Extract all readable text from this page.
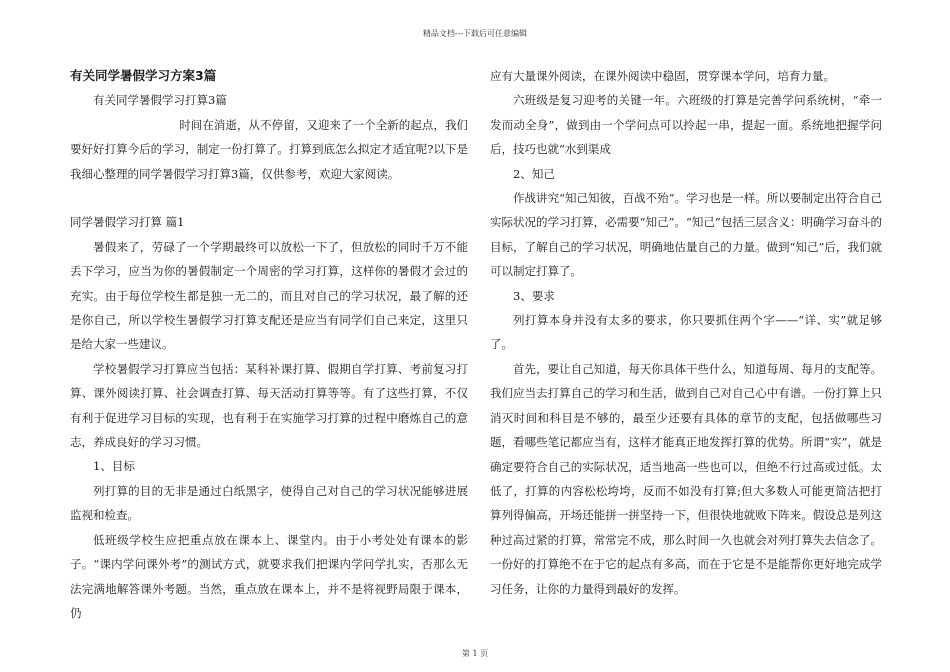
精品文档---下载后可任意编辑

有关同学暑假学习方案3篇

有关同学暑假学习打算3篇

时间在消逝，从不停留，又迎来了一个全新的起点，我们要好好打算今后的学习，制定一份打算了。打算到底怎么拟定才适宜呢?以下是我细心整理的同学暑假学习打算3篇，仅供参考，欢迎大家阅读。

同学暑假学习打算 篇1

暑假来了，劳碌了一个学期最终可以放松一下了，但放松的同时千万不能丢下学习，应当为你的暑假制定一个周密的学习打算，这样你的暑假才会过的充实。由于每位学校生都是独一无二的，而且对自己的学习状况，最了解的还是你自己，所以学校生暑假学习打算支配还是应当有同学们自己来定，这里只是给大家一些建议。

学校暑假学习打算应当包括：某科补课打算、假期自学打算、考前复习打算、课外阅读打算、社会调查打算、每天活动打算等等。有了这些打算，不仅有利于促进学习目标的实现，也有利于在实施学习打算的过程中磨炼自己的意志，养成良好的学习习惯。

1、目标

列打算的目的无非是通过白纸黑字，使得自己对自己的学习状况能够进展监视和检查。

低班级学校生应把重点放在课本上、课堂内。由于小考处处有课本的影子。“课内学问课外考”的测试方式，就要求我们把课内学问学扎实，否那么无法完满地解答课外考题。当然，重点放在课本上，并不是将视野局限于课本，仍

应有大量课外阅读，在课外阅读中稳固，贯穿课本学问，培育力量。

六班级是复习迎考的关键一年。六班级的打算是完善学问系统树，“牵一发而动全身”，做到由一个学问点可以拎起一串，提起一面。系统地把握学问后，技巧也就“水到渠成

2、知己

作战讲究“知己知彼，百战不殆”。学习也是一样。所以要制定出符合自己实际状况的学习打算，必需要“知己”。“知己”包括三层含义：明确学习奋斗的目标，了解自己的学习状况，明确地估量自己的力量。做到“知己”后，我们就可以制定打算了。

3、要求

列打算本身并没有太多的要求，你只要抓住两个字——“详、实”就足够了。

首先，要让自己知道，每天你具体干些什么，知道每周、每月的支配等。我们应当去打算自己的学习和生活，做到自己对自己心中有谱。一份打算上只消灭时间和科目是不够的，最至少还要有具体的章节的支配，包括做哪些习题，看哪些笔记都应当有，这样才能真正地发挥打算的优势。所谓“实”，就是确定要符合自己的实际状况，适当地高一些也可以，但绝不行过高或过低。太低了，打算的内容松松垮垮，反而不如没有打算;但大多数人可能更简洁把打算列得偏高，开场还能拼一拼坚持一下，但很快地就败下阵来。假设总是列这种过高过紧的打算，常常完不成，那么时间一久也就会对列打算失去信念了。一份好的打算绝不在于它的起点有多高，而在于它是不是能帮你更好地完成学习任务，让你的力量得到最好的发挥。

第 1 页
